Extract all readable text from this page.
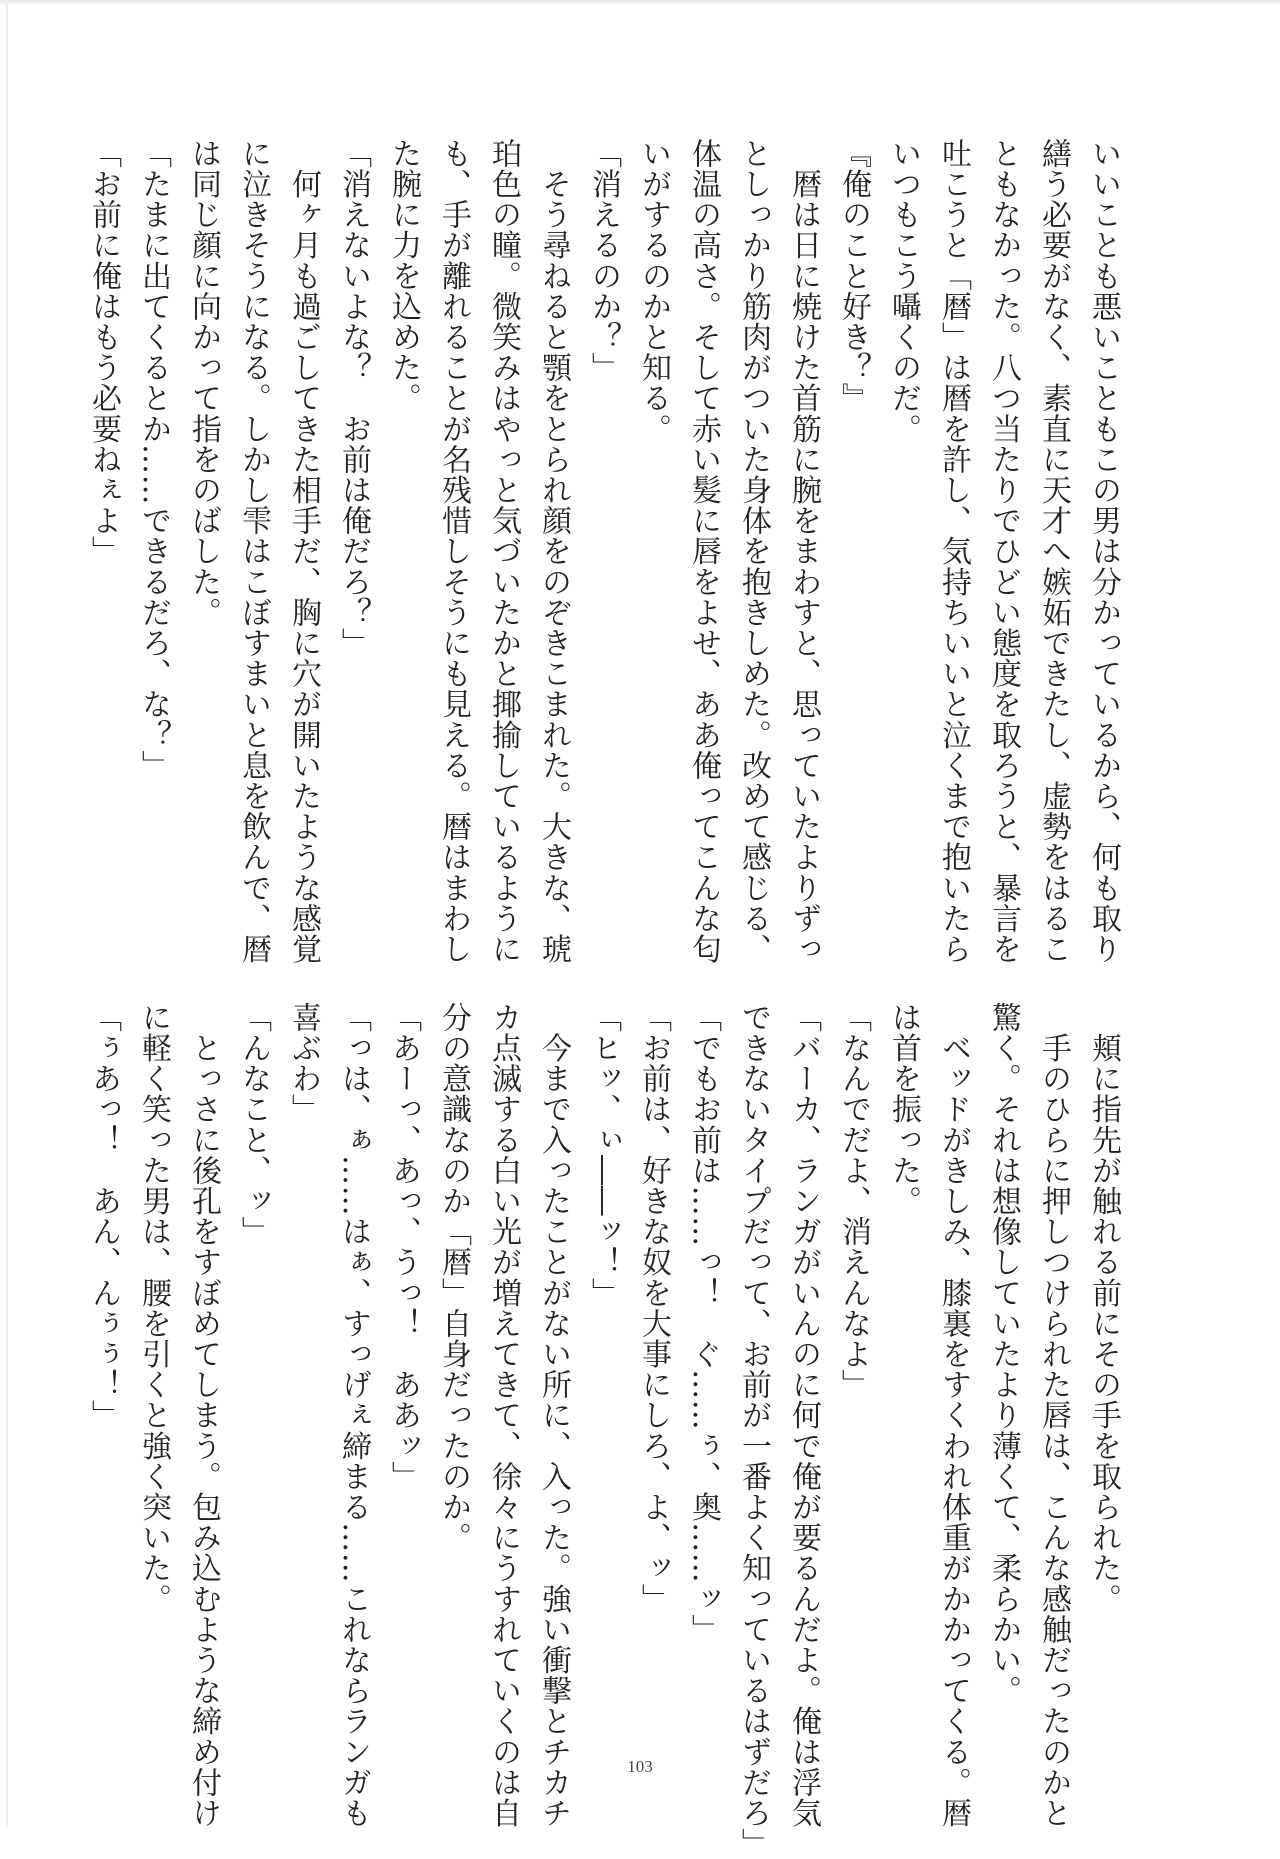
いいことも悪いこともこの男は分かっているから、何も取り
繕う必要がなく、素直に天才へ嫉妬できたし、虚勢をはるこ
ともなかった。八つ当たりでひどい態度を取ろうと、暴言を
吐こうと「暦」は暦を許し、気持ちいいと泣くまで抱いたら
いつもこう囁くのだ。
『俺のこと好き？』
　暦は日に焼けた首筋に腕をまわすと、思っていたよりずっ
としっかり筋肉がついた身体を抱きしめた。改めて感じる、
体温の高さ。そして赤い髪に唇をよせ、ああ俺ってこんな匂
いがするのかと知る。
「消えるのか？」
　そう尋ねると顎をとられ顔をのぞきこまれた。大きな、琥
珀色の瞳。微笑みはやっと気づいたかと揶揄しているように
も、手が離れることが名残惜しそうにも見える。暦はまわし
た腕に力を込めた。
「消えないよな？　お前は俺だろ？」
　何ヶ月も過ごしてきた相手だ、胸に穴が開いたような感覚
に泣きそうになる。しかし雫はこぼすまいと息を飲んで、暦
は同じ顔に向かって指をのばした。
「たまに出てくるとか……できるだろ、な？」
「お前に俺はもう必要ねぇよ」
　頬に指先が触れる前にその手を取られた。
　手のひらに押しつけられた唇は、こんな感触だったのかと
驚く。それは想像していたより薄くて、柔らかい。
　ベッドがきしみ、膝裏をすくわれ体重がかかってくる。暦
は首を振った。
「なんでだよ、消えんなよ」
「バーカ、ランガがいんのに何で俺が要るんだよ。俺は浮気
できないタイプだって、お前が一番よく知っているはずだろ」
「でもお前は……っ！　ぐ……ぅ、奥……ッ」
「お前は、好きな奴を大事にしろ、よ、ッ」
「ヒッ、ぃ――ッ！」
　今まで入ったことがない所に、入った。強い衝撃とチカチ
カ点滅する白い光が増えてきて、徐々にうすれていくのは自
分の意識なのか「暦」自身だったのか。
「あーっ、あっ、うっ！　ああッ」
「っは、ぁ……はぁ、すっげぇ締まる……これならランガも
喜ぶわ」
「んなこと、ッ」
　とっさに後孔をすぼめてしまう。包み込むような締め付け
に軽く笑った男は、腰を引くと強く突いた。
「ぅあっ！　あん、んぅぅ！」
103
